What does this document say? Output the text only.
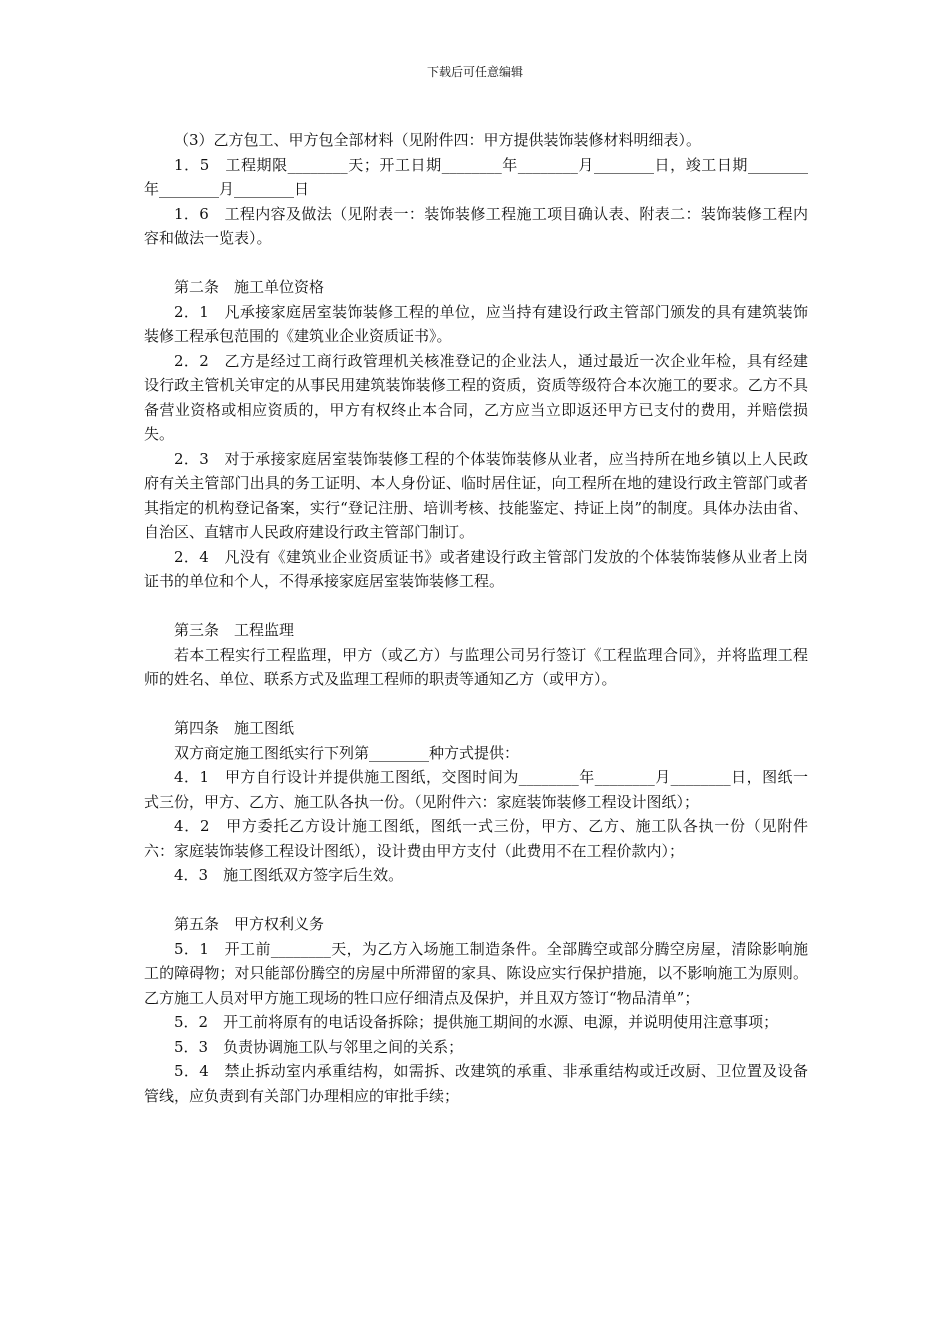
下载后可任意编辑

（3）乙方包工、甲方包全部材料（见附件四：甲方提供装饰装修材料明细表）。

1．5　工程期限________天；开工日期________年________月________日，竣工日期________年________月________日

1．6　工程内容及做法（见附表一：装饰装修工程施工项目确认表、附表二：装饰装修工程内容和做法一览表）。

第二条　施工单位资格

2．1　凡承接家庭居室装饰装修工程的单位，应当持有建设行政主管部门颁发的具有建筑装饰装修工程承包范围的《建筑业企业资质证书》。

2．2　乙方是经过工商行政管理机关核准登记的企业法人，通过最近一次企业年检，具有经建设行政主管机关审定的从事民用建筑装饰装修工程的资质，资质等级符合本次施工的要求。乙方不具备营业资格或相应资质的，甲方有权终止本合同，乙方应当立即返还甲方已支付的费用，并赔偿损失。

2．3　对于承接家庭居室装饰装修工程的个体装饰装修从业者，应当持所在地乡镇以上人民政府有关主管部门出具的务工证明、本人身份证、临时居住证，向工程所在地的建设行政主管部门或者其指定的机构登记备案，实行“登记注册、培训考核、技能鉴定、持证上岗”的制度。具体办法由省、自治区、直辖市人民政府建设行政主管部门制订。

2．4　凡没有《建筑业企业资质证书》或者建设行政主管部门发放的个体装饰装修从业者上岗证书的单位和个人，不得承接家庭居室装饰装修工程。

第三条　工程监理

若本工程实行工程监理，甲方（或乙方）与监理公司另行签订《工程监理合同》，并将监理工程师的姓名、单位、联系方式及监理工程师的职责等通知乙方（或甲方）。

第四条　施工图纸

双方商定施工图纸实行下列第________种方式提供：

4．1　甲方自行设计并提供施工图纸，交图时间为________年________月________日，图纸一式三份，甲方、乙方、施工队各执一份。（见附件六：家庭装饰装修工程设计图纸）；

4．2　甲方委托乙方设计施工图纸，图纸一式三份，甲方、乙方、施工队各执一份（见附件六：家庭装饰装修工程设计图纸），设计费由甲方支付（此费用不在工程价款内）；

4．3　施工图纸双方签字后生效。

第五条　甲方权利义务

5．1　开工前________天，为乙方入场施工制造条件。全部腾空或部分腾空房屋，清除影响施工的障碍物；对只能部份腾空的房屋中所滞留的家具、陈设应实行保护措施，以不影响施工为原则。乙方施工人员对甲方施工现场的牲口应仔细清点及保护，并且双方签订“物品清单”；

5．2　开工前将原有的电话设备拆除；提供施工期间的水源、电源，并说明使用注意事项；

5．3　负责协调施工队与邻里之间的关系；

5．4　禁止拆动室内承重结构，如需拆、改建筑的承重、非承重结构或迁改厨、卫位置及设备管线，应负责到有关部门办理相应的审批手续；
